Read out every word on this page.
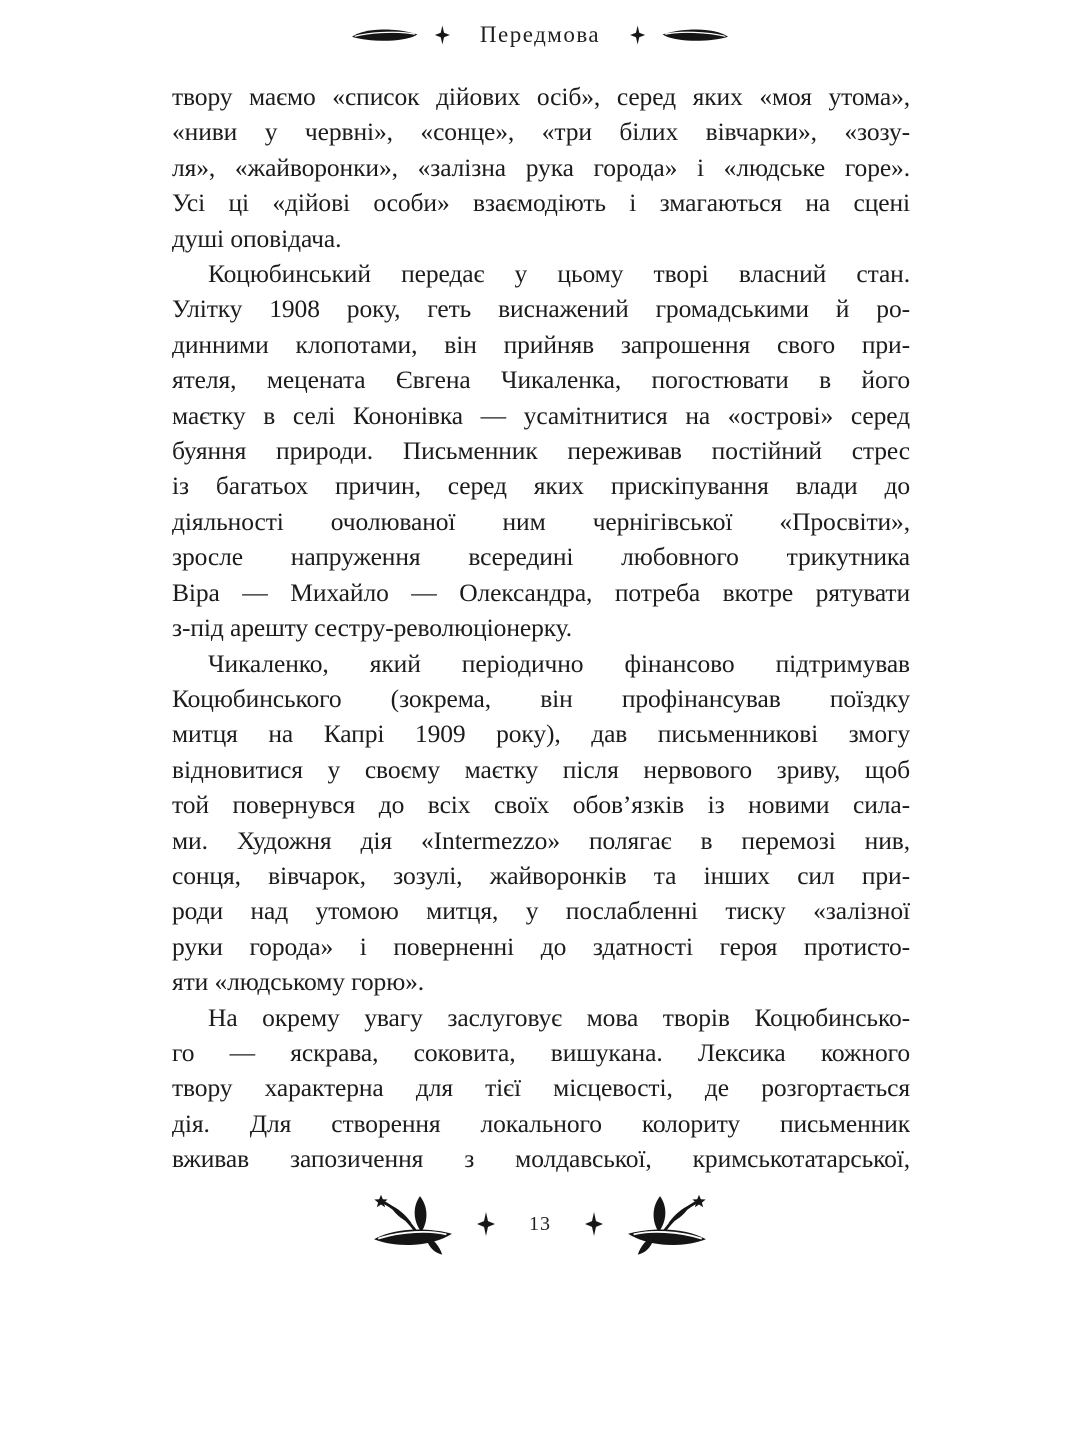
Передмова
твору маємо «список дійових осіб», серед яких «моя утома»,
«ниви у червні», «сонце», «три білих вівчарки», «зозу-
ля», «жайворонки», «залізна рука города» і «людське горе».
Усі ці «дійові особи» взаємодіють і змагаються на сцені
душі оповідача.
Коцюбинський передає у цьому творі власний стан.
Улітку 1908 року, геть виснажений громадськими й ро-
динними клопотами, він прийняв запрошення свого при-
ятеля, мецената Євгена Чикаленка, погостювати в його
маєтку в селі Кононівка — усамітнитися на «острові» серед
буяння природи. Письменник переживав постійний стрес
із багатьох причин, серед яких прискіпування влади до
діяльності очолюваної ним чернігівської «Просвіти»,
зросле напруження всередині любовного трикутника
Віра — Михайло — Олександра, потреба вкотре рятувати
з-під арешту сестру-революціонерку.
Чикаленко, який періодично фінансово підтримував
Коцюбинського (зокрема, він профінансував поїздку
митця на Капрі 1909 року), дав письменникові змогу
відновитися у своєму маєтку після нервового зриву, щоб
той повернувся до всіх своїх обов’язків із новими сила-
ми. Художня дія «Intermezzo» полягає в перемозі нив,
сонця, вівчарок, зозулі, жайворонків та інших сил при-
роди над утомою митця, у послабленні тиску «залізної
руки города» і поверненні до здатності героя протисто-
яти «людському горю».
На окрему увагу заслуговує мова творів Коцюбинсько-
го — яскрава, соковита, вишукана. Лексика кожного
твору характерна для тієї місцевості, де розгортається
дія. Для створення локального колориту письменник
вживав запозичення з молдавської, кримськотатарської,
13
